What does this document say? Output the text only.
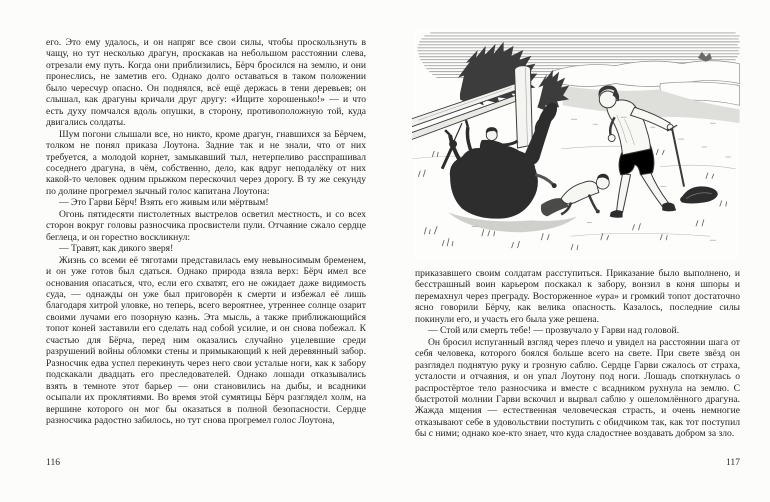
его. Это ему удалось, и он напряг все свои силы, чтобы проскользнуть в чащу, но тут несколько драгун, проскакав на небольшом расстоянии слева, отрезали ему путь. Когда они приблизились, Бёрч бросился на землю, и они пронеслись, не заметив его. Однако долго оставаться в таком положении было чересчур опасно. Он поднялся, всё ещё держась в тени деревьев; он слышал, как драгуны кричали друг другу: «Ищите хорошенько!» — и что есть духу помчался вдоль опушки, в сторону, противоположную той, куда двигались солдаты.

Шум погони слышали все, но никто, кроме драгун, гнавшихся за Бёрчем, толком не понял приказа Лоутона. Задние так и не знали, что от них требуется, а молодой корнет, замыкавший тыл, нетерпеливо расспрашивал соседнего драгуна, в чём, собственно, дело, как вдруг неподалёку от них какой-то человек одним прыжком перескочил через дорогу. В ту же секунду по долине прогремел зычный голос капитана Лоутона:

— Это Гарви Бёрч! Взять его живым или мёртвым!

Огонь пятидесяти пистолетных выстрелов осветил местность, и со всех сторон вокруг головы разносчика просвистели пули. Отчаяние сжало сердце беглеца, и он горестно воскликнул:

— Травят, как дикого зверя!

Жизнь со всеми её тяготами представилась ему невыносимым бременем, и он уже готов был сдаться. Однако природа взяла верх: Бёрч имел все основания опасаться, что, если его схватят, его не ожидает даже видимость суда, — однажды он уже был приговорён к смерти и избежал её лишь благодаря хитрой уловке, но теперь, всего вероятнее, утреннее солнце озарит своими лучами его позорную казнь. Эта мысль, а также приближающийся топот коней заставили его сделать над собой усилие, и он снова побежал. К счастью для Бёрча, перед ним оказались случайно уцелевшие среди разрушений войны обломки стены и примыкающий к ней деревянный забор. Разносчик едва успел перекинуть через него свои усталые ноги, как к забору подскакали двадцать его преследователей. Однако лошади отказывались взять в темноте этот барьер — они становились на дыбы, и всадники осыпали их проклятиями. Во время этой сумятицы Бёрч разглядел холм, на вершине которого он мог бы оказаться в полной безопасности. Сердце разносчика радостно забилось, но тут снова прогремел голос Лоутона,

приказавшего своим солдатам расступиться. Приказание было выполнено, и бесстрашный воин карьером поскакал к забору, вонзил в коня шпоры и перемахнул через преграду. Восторженное «ура» и громкий топот достаточно ясно говорили Бёрчу, как велика опасность. Казалось, последние силы покинули его, и участь его была уже решена.

— Стой или смерть тебе! — прозвучало у Гарви над головой.

Он бросил испуганный взгляд через плечо и увидел на расстоянии шага от себя человека, которого боялся больше всего на свете. При свете звёзд он разглядел поднятую руку и грозную саблю. Сердце Гарви сжалось от страха, усталости и отчаяния, и он упал Лоутону под ноги. Лошадь споткнулась о распростёртое тело разносчика и вместе с всадником рухнула на землю. С быстротой молнии Гарви вскочил и вырвал саблю у ошеломлённого драгуна. Жажда мщения — естественная человеческая страсть, и очень немногие отказывают себе в удовольствии поступить с обидчиком так, как тот поступил бы с ними; однако кое-кто знает, что куда сладостнее воздавать добром за зло.

116	117
